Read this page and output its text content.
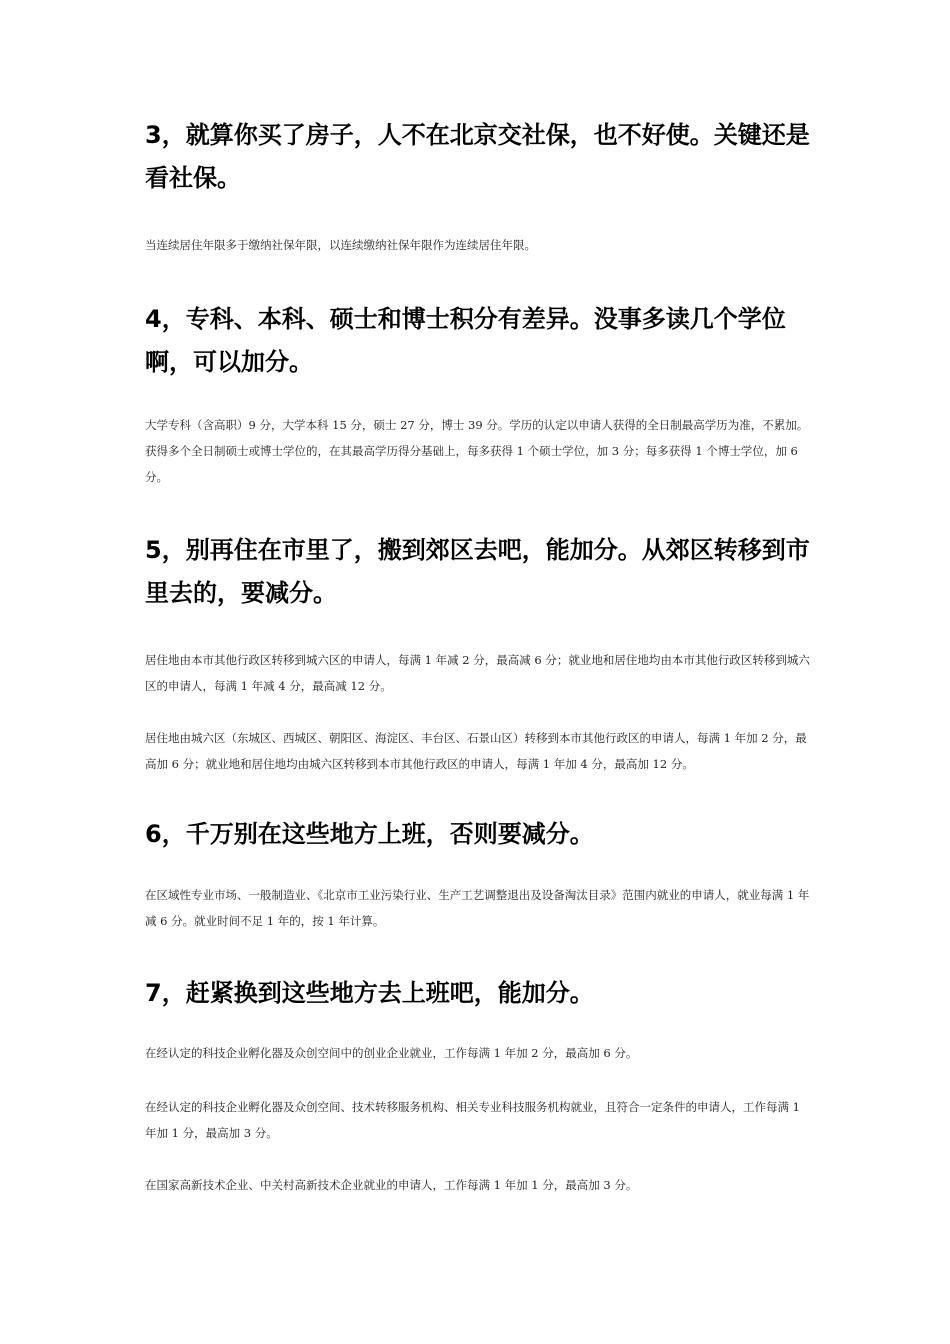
3，就算你买了房子，人不在北京交社保，也不好使。关键还是看社保。

当连续居住年限多于缴纳社保年限，以连续缴纳社保年限作为连续居住年限。

4，专科、本科、硕士和博士积分有差异。没事多读几个学位啊，可以加分。

大学专科（含高职）9 分，大学本科 15 分，硕士 27 分，博士 39 分。学历的认定以申请人获得的全日制最高学历为准，不累加。获得多个全日制硕士或博士学位的，在其最高学历得分基础上，每多获得 1 个硕士学位，加 3 分；每多获得 1 个博士学位，加 6 分。

5，别再住在市里了，搬到郊区去吧，能加分。从郊区转移到市里去的，要减分。

居住地由本市其他行政区转移到城六区的申请人，每满 1 年减 2 分，最高减 6 分；就业地和居住地均由本市其他行政区转移到城六区的申请人，每满 1 年减 4 分，最高减 12 分。

居住地由城六区（东城区、西城区、朝阳区、海淀区、丰台区、石景山区）转移到本市其他行政区的申请人，每满 1 年加 2 分，最高加 6 分；就业地和居住地均由城六区转移到本市其他行政区的申请人，每满 1 年加 4 分，最高加 12 分。

6，千万别在这些地方上班，否则要减分。

在区域性专业市场、一般制造业、《北京市工业污染行业、生产工艺调整退出及设备淘汰目录》范围内就业的申请人，就业每满 1 年减 6 分。就业时间不足 1 年的，按 1 年计算。

7，赶紧换到这些地方去上班吧，能加分。

在经认定的科技企业孵化器及众创空间中的创业企业就业，工作每满 1 年加 2 分，最高加 6 分。

在经认定的科技企业孵化器及众创空间、技术转移服务机构、相关专业科技服务机构就业，且符合一定条件的申请人，工作每满 1 年加 1 分，最高加 3 分。

在国家高新技术企业、中关村高新技术企业就业的申请人，工作每满 1 年加 1 分，最高加 3 分。
